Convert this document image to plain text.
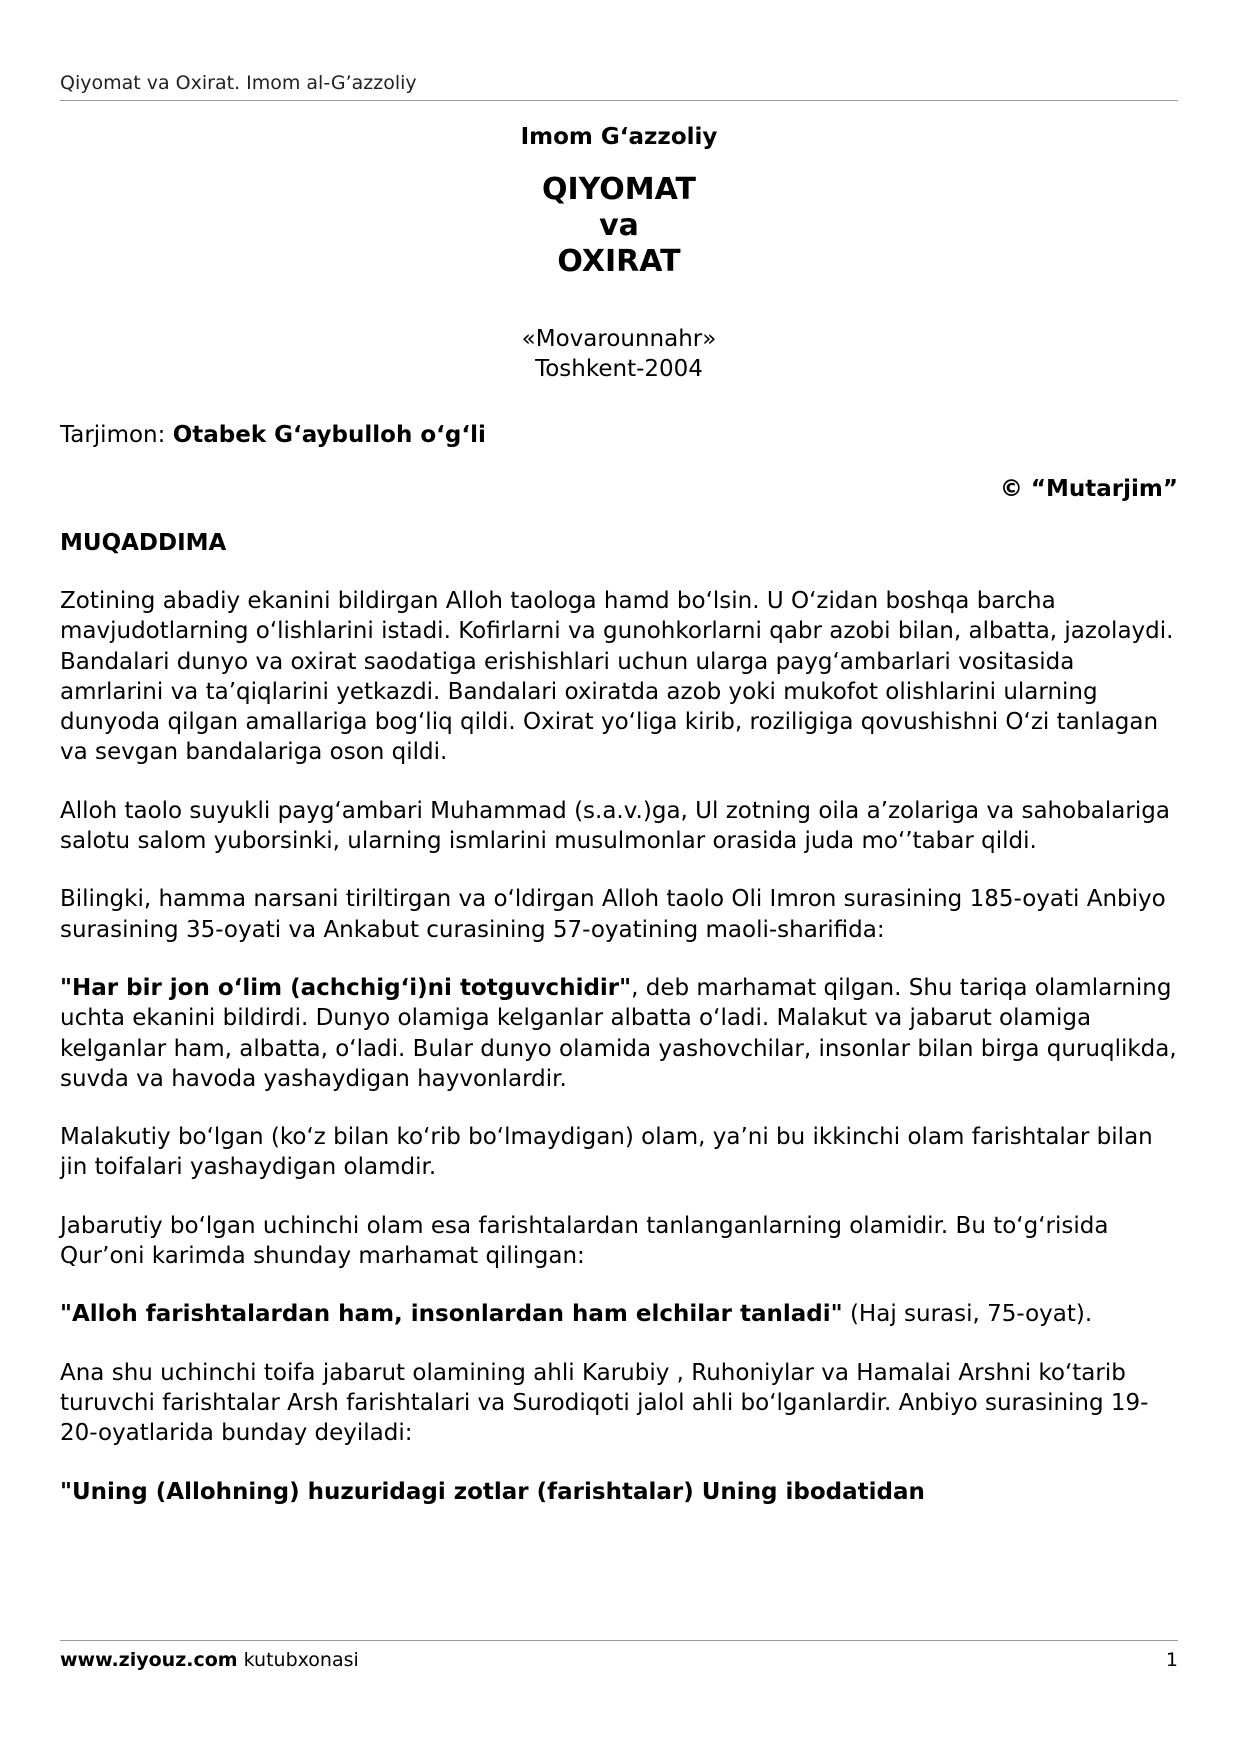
Qiyomat va Oxirat. Imom al-G’azzoliy
Imom G‘azzoliy
QIYOMAT
va
OXIRAT
«Movarounnahr»
Toshkent-2004
Tarjimon: Otabek G‘aybulloh o‘g‘li
© “Mutarjim”
MUQADDIMA

Zotining abadiy ekanini bildirgan Alloh taologa hamd bo‘lsin. U O‘zidan boshqa barcha mavjudotlarning o‘lishlarini istadi. Kofirlarni va gunohkorlarni qabr azobi bilan, albatta, jazolaydi. Bandalari dunyo va oxirat saodatiga erishishlari uchun ularga payg‘ambarlari vositasida amrlarini va ta’qiqlarini yetkazdi. Bandalari oxiratda azob yoki mukofot olishlarini ularning dunyoda qilgan amallariga bog‘liq qildi. Oxirat yo‘liga kirib, roziligiga qovushishni O‘zi tanlagan va sevgan bandalariga oson qildi.

Alloh taolo suyukli payg‘ambari Muhammad (s.a.v.)ga, Ul zotning oila a’zolariga va sahobalariga salotu salom yuborsinki, ularning ismlarini musulmonlar orasida juda mo‘’tabar qildi.

Bilingki, hamma narsani tiriltirgan va o‘ldirgan Alloh taolo Oli Imron surasining 185-oyati Anbiyo surasining 35-oyati va Ankabut curasining 57-oyatining maoli-sharifida:

"Har bir jon o‘lim (achchig‘i)ni totguvchidir", deb marhamat qilgan. Shu tariqa olamlarning uchta ekanini bildirdi. Dunyo olamiga kelganlar albatta o‘ladi. Malakut va jabarut olamiga kelganlar ham, albatta, o‘ladi. Bular dunyo olamida yashovchilar, insonlar bilan birga quruqlikda, suvda va havoda yashaydigan hayvonlardir.

Malakutiy bo‘lgan (ko‘z bilan ko‘rib bo‘lmaydigan) olam, ya’ni bu ikkinchi olam farishtalar bilan jin toifalari yashaydigan olamdir.

Jabarutiy bo‘lgan uchinchi olam esa farishtalardan tanlanganlarning olamidir. Bu to‘g‘risida Qur’oni karimda shunday marhamat qilingan:

"Alloh farishtalardan ham, insonlardan ham elchilar tanladi" (Haj surasi, 75-oyat).

Ana shu uchinchi toifa jabarut olamining ahli Karubiy , Ruhoniylar va Hamalai Arshni ko‘tarib turuvchi farishtalar Arsh farishtalari va Surodiqoti jalol ahli bo‘lganlardir. Anbiyo surasining 19-20-oyatlarida bunday deyiladi:

"Uning (Allohning) huzuridagi zotlar (farishtalar) Uning ibodatidan

www.ziyouz.com kutubxonasi	1
